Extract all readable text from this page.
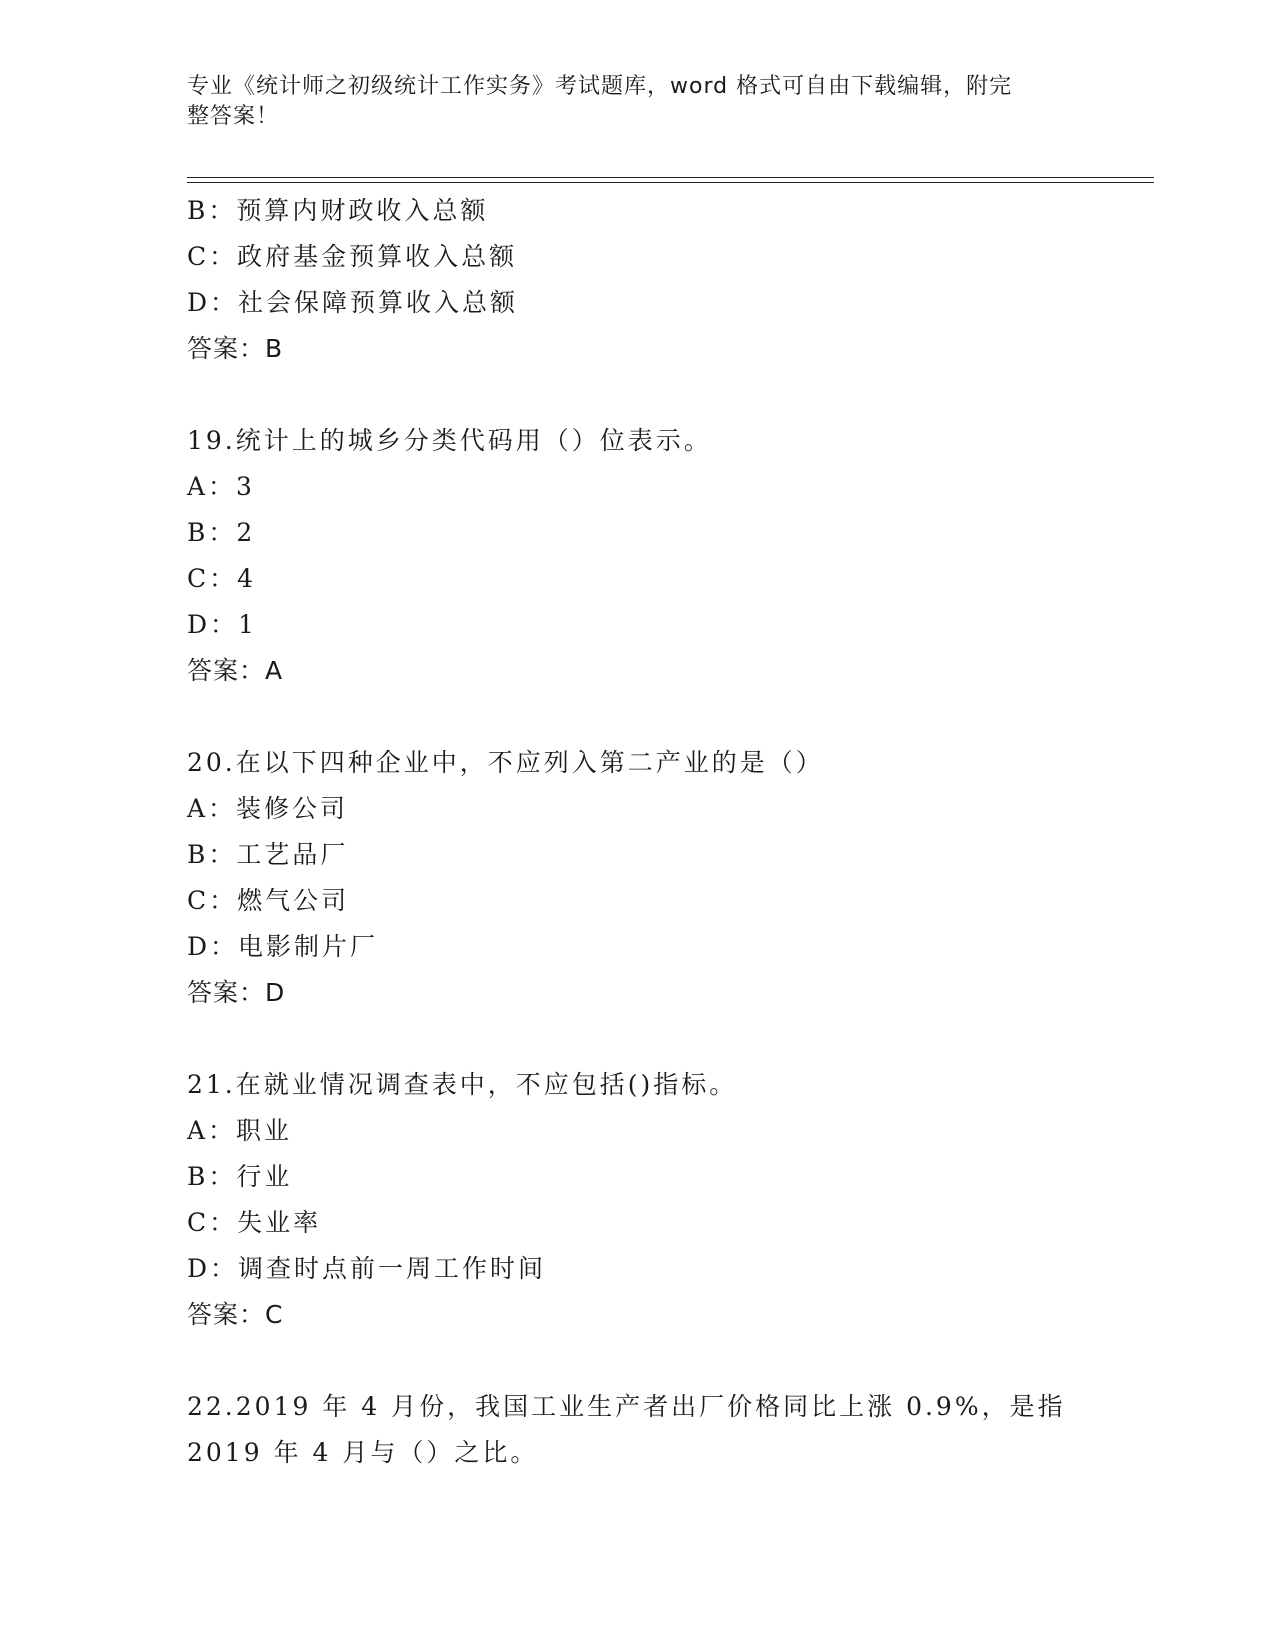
专业《统计师之初级统计工作实务》考试题库，word 格式可自由下载编辑，附完
整答案！
B：预算内财政收入总额
C：政府基金预算收入总额
D：社会保障预算收入总额
答案：B
19.统计上的城乡分类代码用（）位表示。
A：3
B：2
C：4
D：1
答案：A
20.在以下四种企业中，不应列入第二产业的是（）
A：装修公司
B：工艺品厂
C：燃气公司
D：电影制片厂
答案：D
21.在就业情况调查表中，不应包括()指标。
A：职业
B：行业
C：失业率
D：调查时点前一周工作时间
答案：C
22.2019 年 4 月份，我国工业生产者出厂价格同比上涨 0.9%，是指
2019 年 4 月与（）之比。
